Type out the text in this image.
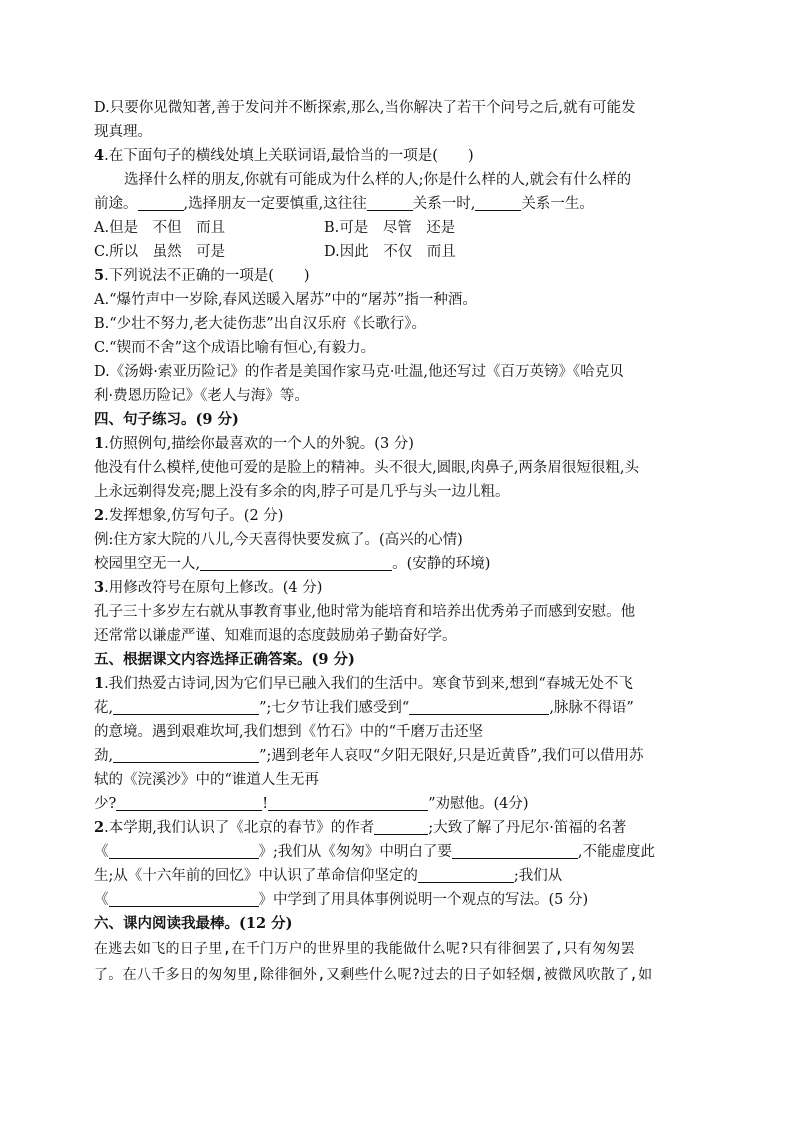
D.只要你见微知著,善于发问并不断探索,那么,当你解决了若干个问号之后,就有可能发
现真理。
4.在下面句子的横线处填上关联词语,最恰当的一项是( )
选择什么样的朋友,你就有可能成为什么样的人;你是什么样的人,就会有什么样的
前途。	,选择朋友一定要慎重,这往往	关系一时,	关系一生。
A.但是　不但　而且	B.可是　尽管　还是
C.所以　虽然　可是	D.因此　不仅　而且
5.下列说法不正确的一项是( )
A.“爆竹声中一岁除,春风送暖入屠苏”中的“屠苏”指一种酒。
B.“少壮不努力,老大徒伤悲”出自汉乐府《长歌行》。
C.“锲而不舍”这个成语比喻有恒心,有毅力。
D.《汤姆·索亚历险记》的作者是美国作家马克·吐温,他还写过《百万英镑》《哈克贝
利·费恩历险记》《老人与海》等。
四、句子练习。(9 分)
1.仿照例句,描绘你最喜欢的一个人的外貌。(3 分)
他没有什么模样,使他可爱的是脸上的精神。头不很大,圆眼,肉鼻子,两条眉很短很粗,头
上永远剃得发亮;腮上没有多余的肉,脖子可是几乎与头一边儿粗。
2.发挥想象,仿写句子。(2 分)
例:住方家大院的八儿,今天喜得快要发疯了。(高兴的心情)
校园里空无一人,	。(安静的环境)
3.用修改符号在原句上修改。(4 分)
孔子三十多岁左右就从事教育事业,他时常为能培育和培养出优秀弟子而感到安慰。他
还常常以谦虚严谨、知难而退的态度鼓励弟子勤奋好学。
五、根据课文内容选择正确答案。(9 分)
1.我们热爱古诗词,因为它们早已融入我们的生活中。寒食节到来,想到“春城无处不飞
花,	”;七夕节让我们感受到“	,脉脉不得语”
的意境。遇到艰难坎坷,我们想到《竹石》中的“千磨万击还坚
劲,	”;遇到老年人哀叹“夕阳无限好,只是近黄昏”,我们可以借用苏
轼的《浣溪沙》中的“谁道人生无再
少?	!	”劝慰他。(4分)
2.本学期,我们认识了《北京的春节》的作者	;大致了解了丹尼尔·笛福的名著
《	》;我们从《匆匆》中明白了要	,不能虚度此
生;从《十六年前的回忆》中认识了革命信仰坚定的	;我们从
《	》中学到了用具体事例说明一个观点的写法。(5 分)
六、课内阅读我最棒。(12 分)
在逃去如飞的日子里,在千门万户的世界里的我能做什么呢?只有徘徊罢了,只有匆匆罢
了。在八千多日的匆匆里,除徘徊外,又剩些什么呢?过去的日子如轻烟,被微风吹散了,如
